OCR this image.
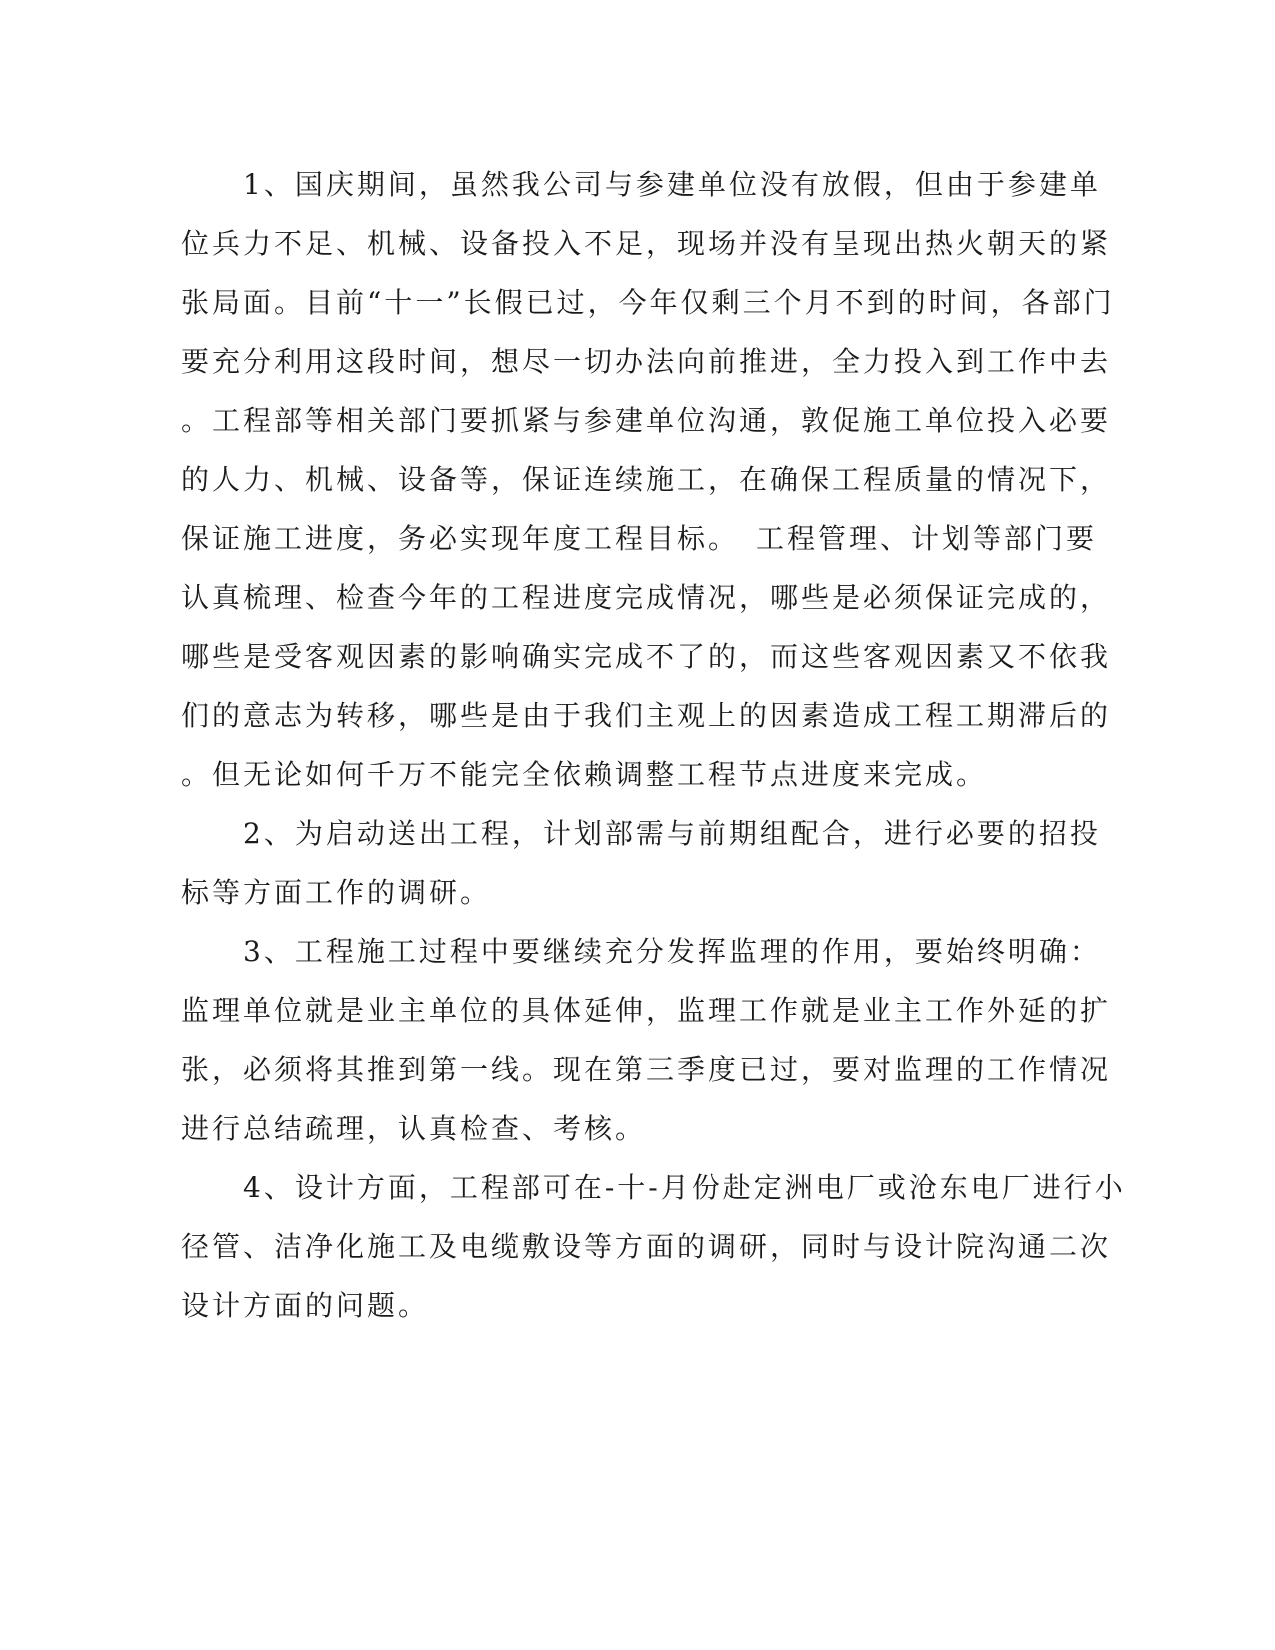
　　1、国庆期间，虽然我公司与参建单位没有放假，但由于参建单
位兵力不足、机械、设备投入不足，现场并没有呈现出热火朝天的紧
张局面。目前“十一”长假已过，今年仅剩三个月不到的时间，各部门
要充分利用这段时间，想尽一切办法向前推进，全力投入到工作中去
。工程部等相关部门要抓紧与参建单位沟通，敦促施工单位投入必要
的人力、机械、设备等，保证连续施工，在确保工程质量的情况下，
保证施工进度，务必实现年度工程目标。　工程管理、计划等部门要
认真梳理、检查今年的工程进度完成情况，哪些是必须保证完成的，
哪些是受客观因素的影响确实完成不了的，而这些客观因素又不依我
们的意志为转移，哪些是由于我们主观上的因素造成工程工期滞后的
。但无论如何千万不能完全依赖调整工程节点进度来完成。
　　2、为启动送出工程，计划部需与前期组配合，进行必要的招投
标等方面工作的调研。
　　3、工程施工过程中要继续充分发挥监理的作用，要始终明确：
监理单位就是业主单位的具体延伸，监理工作就是业主工作外延的扩
张，必须将其推到第一线。现在第三季度已过，要对监理的工作情况
进行总结疏理，认真检查、考核。
　　4、设计方面，工程部可在-十-月份赴定洲电厂或沧东电厂进行小
径管、洁净化施工及电缆敷设等方面的调研，同时与设计院沟通二次
设计方面的问题。
